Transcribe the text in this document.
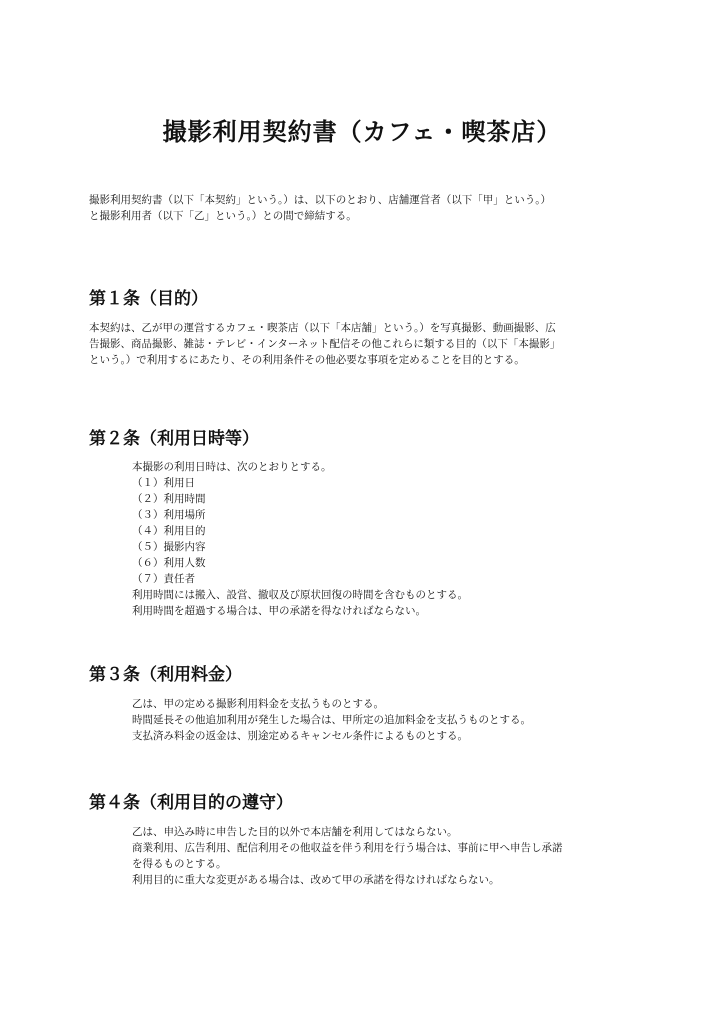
撮影利用契約書（カフェ・喫茶店）

撮影利用契約書（以下「本契約」という。）は、以下のとおり、店舗運営者（以下「甲」という。）
と撮影利用者（以下「乙」という。）との間で締結する。

第１条（目的）

本契約は、乙が甲の運営するカフェ・喫茶店（以下「本店舗」という。）を写真撮影、動画撮影、広
告撮影、商品撮影、雑誌・テレビ・インターネット配信その他これらに類する目的（以下「本撮影」
という。）で利用するにあたり、その利用条件その他必要な事項を定めることを目的とする。

第２条（利用日時等）

本撮影の利用日時は、次のとおりとする。
（１）利用日
（２）利用時間
（３）利用場所
（４）利用目的
（５）撮影内容
（６）利用人数
（７）責任者
利用時間には搬入、設営、撤収及び原状回復の時間を含むものとする。
利用時間を超過する場合は、甲の承諾を得なければならない。

第３条（利用料金）

乙は、甲の定める撮影利用料金を支払うものとする。
時間延長その他追加利用が発生した場合は、甲所定の追加料金を支払うものとする。
支払済み料金の返金は、別途定めるキャンセル条件によるものとする。

第４条（利用目的の遵守）

乙は、申込み時に申告した目的以外で本店舗を利用してはならない。
商業利用、広告利用、配信利用その他収益を伴う利用を行う場合は、事前に甲へ申告し承諾
を得るものとする。
利用目的に重大な変更がある場合は、改めて甲の承諾を得なければならない。
